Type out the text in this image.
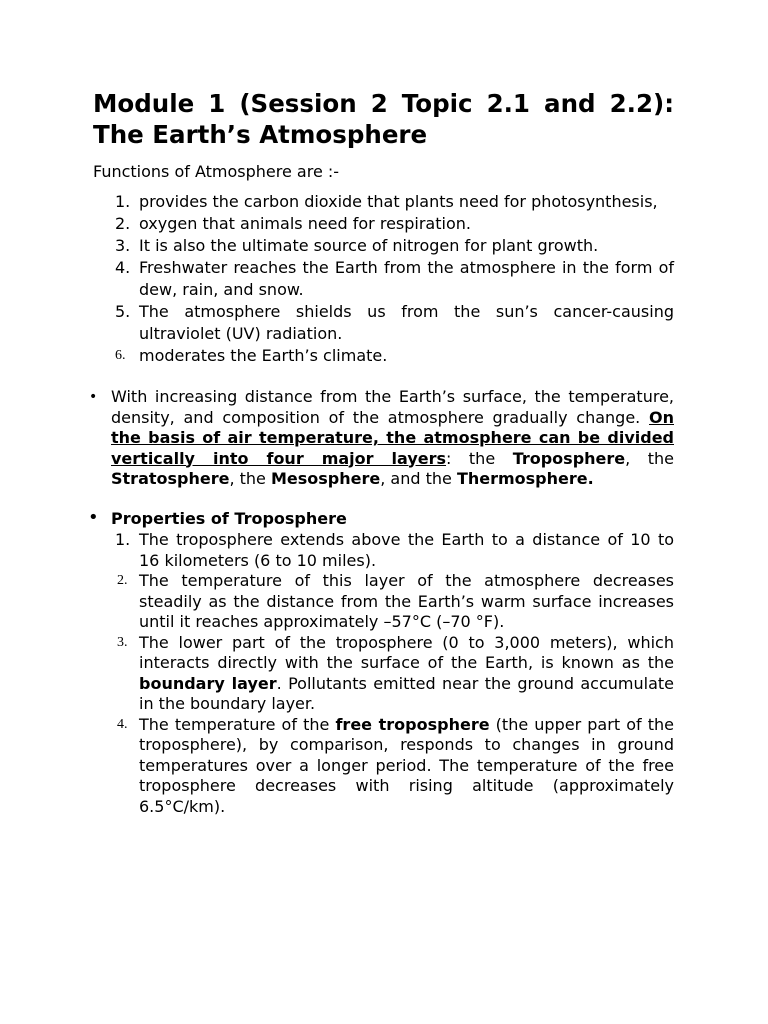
Module 1 (Session 2 Topic 2.1 and 2.2): The Earth’s Atmosphere
Functions of Atmosphere are :-
1. provides the carbon dioxide that plants need for photosynthesis,
2. oxygen that animals need for respiration.
3. It is also the ultimate source of nitrogen for plant growth.
4. Freshwater reaches the Earth from the atmosphere in the form of dew, rain, and snow.
5. The atmosphere shields us from the sun’s cancer-causing ultraviolet (UV) radiation.
6. moderates the Earth’s climate.
• With increasing distance from the Earth’s surface, the temperature, density, and composition of the atmosphere gradually change. On the basis of air temperature, the atmosphere can be divided vertically into four major layers: the Troposphere, the Stratosphere, the Mesosphere, and the Thermosphere.
• Properties of Troposphere
1. The troposphere extends above the Earth to a distance of 10 to 16 kilometers (6 to 10 miles).
2. The temperature of this layer of the atmosphere decreases steadily as the distance from the Earth’s warm surface increases until it reaches approximately –57°C (–70 °F).
3. The lower part of the troposphere (0 to 3,000 meters), which interacts directly with the surface of the Earth, is known as the boundary layer. Pollutants emitted near the ground accumulate in the boundary layer.
4. The temperature of the free troposphere (the upper part of the troposphere), by comparison, responds to changes in ground temperatures over a longer period. The temperature of the free troposphere decreases with rising altitude (approximately 6.5°C/km).
